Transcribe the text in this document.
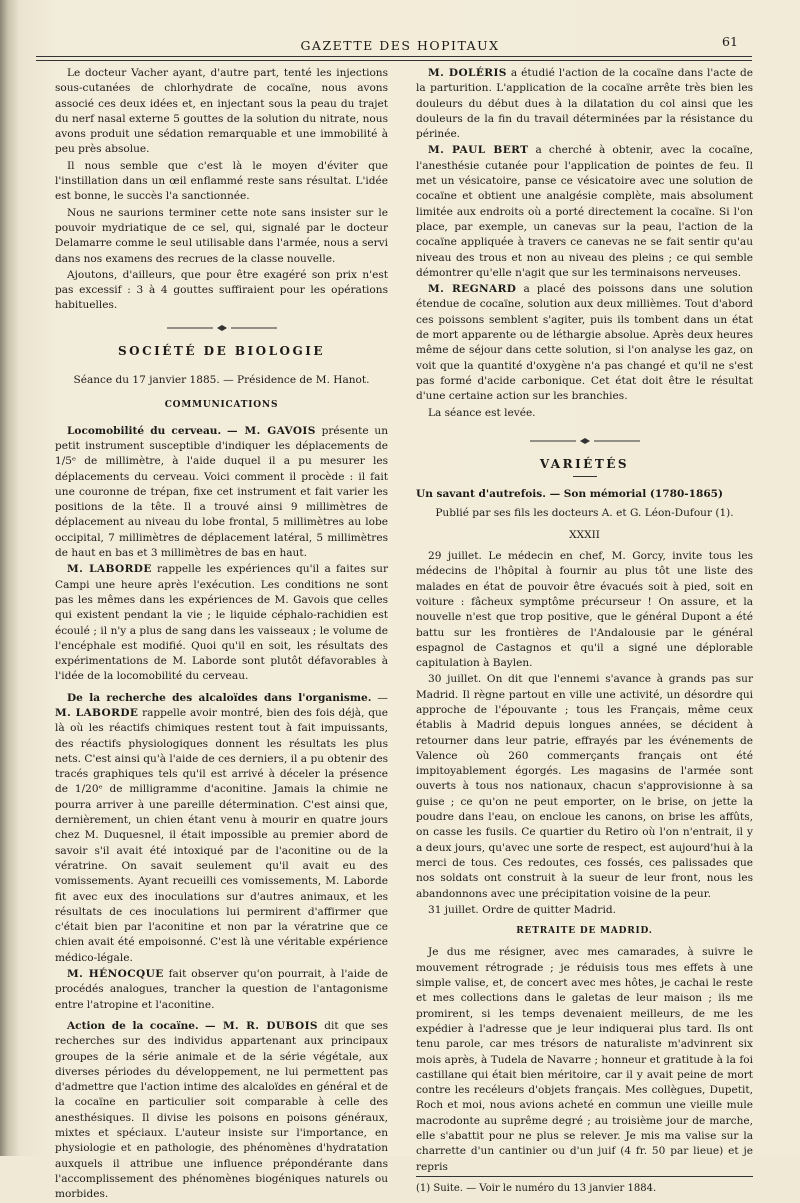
GAZETTE DES HOPITAUX	61

Le docteur Vacher ayant, d'autre part, tenté les injections sous-cutanées de chlorhydrate de cocaïne, nous avons associé ces deux idées et, en injectant sous la peau du trajet du nerf nasal externe 5 gouttes de la solution du nitrate, nous avons produit une sédation remarquable et une immobilité à peu près absolue.

Il nous semble que c'est là le moyen d'éviter que l'instillation dans un œil enflammé reste sans résultat. L'idée est bonne, le succès l'a sanctionnée.

Nous ne saurions terminer cette note sans insister sur le pouvoir mydriatique de ce sel, qui, signalé par le docteur Delamarre comme le seul utilisable dans l'armée, nous a servi dans nos examens des recrues de la classe nouvelle.

Ajoutons, d'ailleurs, que pour être exagéré son prix n'est pas excessif : 3 à 4 gouttes suffiraient pour les opérations habituelles.

SOCIÉTÉ DE BIOLOGIE

Séance du 17 janvier 1885. — Présidence de M. Hanot.

COMMUNICATIONS

Locomobilité du cerveau. — M. GAVOIS présente un petit instrument susceptible d'indiquer les déplacements de 1/5ᵉ de millimètre, à l'aide duquel il a pu mesurer les déplacements du cerveau. Voici comment il procède : il fait une couronne de trépan, fixe cet instrument et fait varier les positions de la tête. Il a trouvé ainsi 9 millimètres de déplacement au niveau du lobe frontal, 5 millimètres au lobe occipital, 7 millimètres de déplacement latéral, 5 millimètres de haut en bas et 3 millimètres de bas en haut.

M. LABORDE rappelle les expériences qu'il a faites sur Campi une heure après l'exécution. Les conditions ne sont pas les mêmes dans les expériences de M. Gavois que celles qui existent pendant la vie ; le liquide céphalo-rachidien est écoulé ; il n'y a plus de sang dans les vaisseaux ; le volume de l'encéphale est modifié. Quoi qu'il en soit, les résultats des expérimentations de M. Laborde sont plutôt défavorables à l'idée de la locomobilité du cerveau.

De la recherche des alcaloïdes dans l'organisme. — M. LABORDE rappelle avoir montré, bien des fois déjà, que là où les réactifs chimiques restent tout à fait impuissants, des réactifs physiologiques donnent les résultats les plus nets. C'est ainsi qu'à l'aide de ces derniers, il a pu obtenir des tracés graphiques tels qu'il est arrivé à déceler la présence de 1/20ᵉ de milligramme d'aconitine. Jamais la chimie ne pourra arriver à une pareille détermination. C'est ainsi que, dernièrement, un chien étant venu à mourir en quatre jours chez M. Duquesnel, il était impossible au premier abord de savoir s'il avait été intoxiqué par de l'aconitine ou de la vératrine. On savait seulement qu'il avait eu des vomissements. Ayant recueilli ces vomissements, M. Laborde fit avec eux des inoculations sur d'autres animaux, et les résultats de ces inoculations lui permirent d'affirmer que c'était bien par l'aconitine et non par la vératrine que ce chien avait été empoisonné. C'est là une véritable expérience médico-légale.

M. HÉNOCQUE fait observer qu'on pourrait, à l'aide de procédés analogues, trancher la question de l'antagonisme entre l'atropine et l'aconitine.

Action de la cocaïne. — M. R. DUBOIS dit que ses recherches sur des individus appartenant aux principaux groupes de la série animale et de la série végétale, aux diverses périodes du développement, ne lui permettent pas d'admettre que l'action intime des alcaloïdes en général et de la cocaïne en particulier soit comparable à celle des anesthésiques. Il divise les poisons en poisons généraux, mixtes et spéciaux. L'auteur insiste sur l'importance, en physiologie et en pathologie, des phénomènes d'hydratation auxquels il attribue une influence prépondérante dans l'accomplissement des phénomènes biogéniques naturels ou morbides.

M. DOLÉRIS a étudié l'action de la cocaïne dans l'acte de la parturition. L'application de la cocaïne arrête très bien les douleurs du début dues à la dilatation du col ainsi que les douleurs de la fin du travail déterminées par la résistance du périnée.

M. PAUL BERT a cherché à obtenir, avec la cocaïne, l'anesthésie cutanée pour l'application de pointes de feu. Il met un vésicatoire, panse ce vésicatoire avec une solution de cocaïne et obtient une analgésie complète, mais absolument limitée aux endroits où a porté directement la cocaïne. Si l'on place, par exemple, un canevas sur la peau, l'action de la cocaïne appliquée à travers ce canevas ne se fait sentir qu'au niveau des trous et non au niveau des pleins ; ce qui semble démontrer qu'elle n'agit que sur les terminaisons nerveuses.

M. REGNARD a placé des poissons dans une solution étendue de cocaïne, solution aux deux millièmes. Tout d'abord ces poissons semblent s'agiter, puis ils tombent dans un état de mort apparente ou de léthargie absolue. Après deux heures même de séjour dans cette solution, si l'on analyse les gaz, on voit que la quantité d'oxygène n'a pas changé et qu'il ne s'est pas formé d'acide carbonique. Cet état doit être le résultat d'une certaine action sur les branchies.

La séance est levée.

VARIÉTÉS

Un savant d'autrefois. — Son mémorial (1780-1865)

Publié par ses fils les docteurs A. et G. Léon-Dufour (1).

XXXII

29 juillet. Le médecin en chef, M. Gorcy, invite tous les médecins de l'hôpital à fournir au plus tôt une liste des malades en état de pouvoir être évacués soit à pied, soit en voiture : fâcheux symptôme précurseur ! On assure, et la nouvelle n'est que trop positive, que le général Dupont a été battu sur les frontières de l'Andalousie par le général espagnol de Castagnos et qu'il a signé une déplorable capitulation à Baylen.

30 juillet. On dit que l'ennemi s'avance à grands pas sur Madrid. Il règne partout en ville une activité, un désordre qui approche de l'épouvante ; tous les Français, même ceux établis à Madrid depuis longues années, se décident à retourner dans leur patrie, effrayés par les événements de Valence où 260 commerçants français ont été impitoyablement égorgés. Les magasins de l'armée sont ouverts à tous nos nationaux, chacun s'approvisionne à sa guise ; ce qu'on ne peut emporter, on le brise, on jette la poudre dans l'eau, on encloue les canons, on brise les affûts, on casse les fusils. Ce quartier du Retiro où l'on n'entrait, il y a deux jours, qu'avec une sorte de respect, est aujourd'hui à la merci de tous. Ces redoutes, ces fossés, ces palissades que nos soldats ont construit à la sueur de leur front, nous les abandonnons avec une précipitation voisine de la peur.

31 juillet. Ordre de quitter Madrid.

RETRAITE DE MADRID.

Je dus me résigner, avec mes camarades, à suivre le mouvement rétrograde ; je réduisis tous mes effets à une simple valise, et, de concert avec mes hôtes, je cachai le reste et mes collections dans le galetas de leur maison ; ils me promirent, si les temps devenaient meilleurs, de me les expédier à l'adresse que je leur indiquerai plus tard. Ils ont tenu parole, car mes trésors de naturaliste m'advinrent six mois après, à Tudela de Navarre ; honneur et gratitude à la foi castillane qui était bien méritoire, car il y avait peine de mort contre les recéleurs d'objets français. Mes collègues, Dupetit, Roch et moi, nous avions acheté en commun une vieille mule macrodonte au suprême degré ; au troisième jour de marche, elle s'abattit pour ne plus se relever. Je mis ma valise sur la charrette d'un cantinier ou d'un juif (4 fr. 50 par lieue) et je repris

(1) Suite. — Voir le numéro du 13 janvier 1884.
